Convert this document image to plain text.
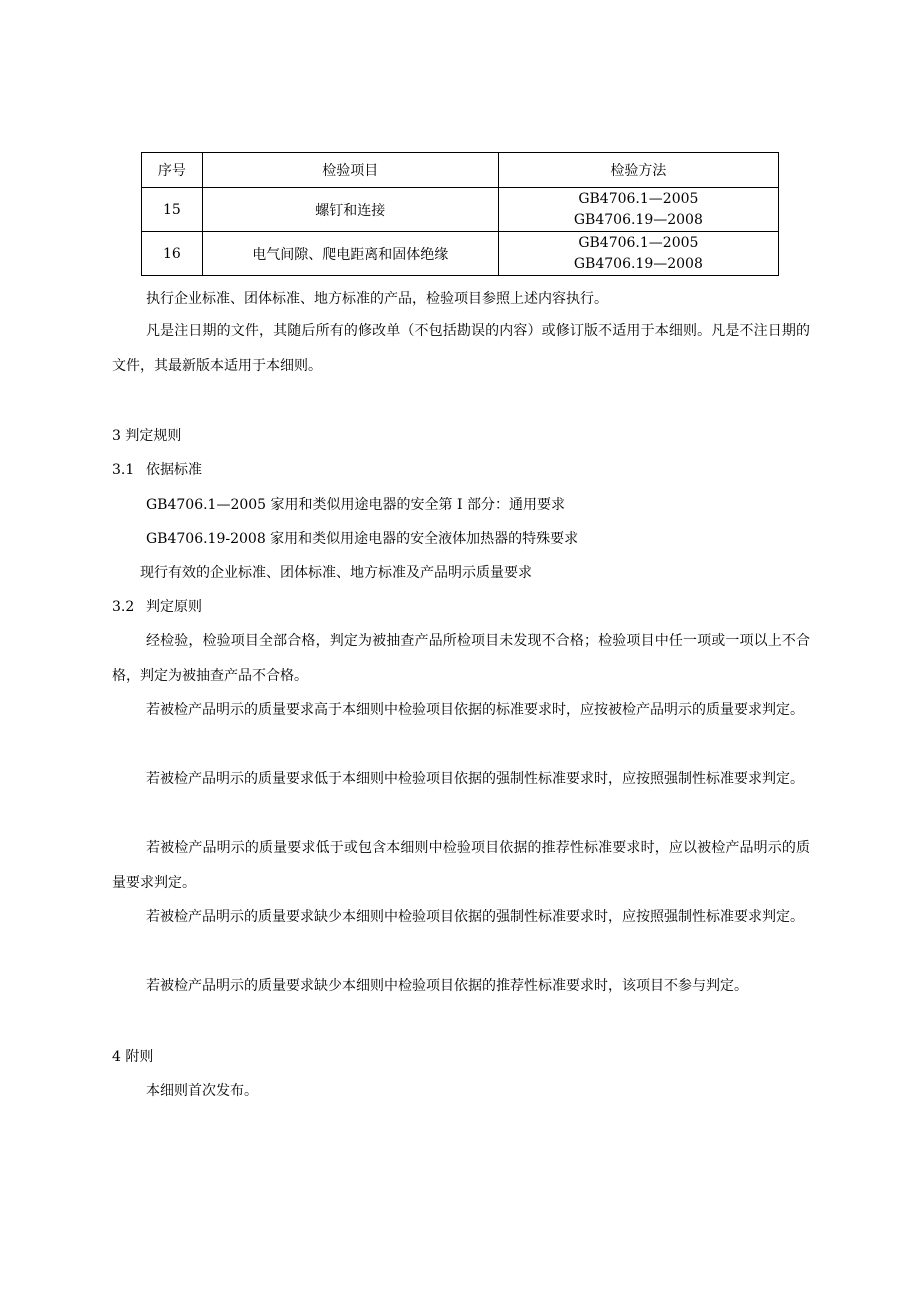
序号	检验项目	检验方法
15	螺钉和连接	GB4706.1—2005
GB4706.19—2008

16	电气间隙、爬电距离和固体绝缘	GB4706.1—2005
GB4706.19—2008
执行企业标准、团体标准、地方标准的产品，检验项目参照上述内容执行。
凡是注日期的文件，其随后所有的修改单（不包括勘误的内容）或修订版不适用于本细则。凡是不注日期的文件，其最新版本适用于本细则。
3 判定规则
3.1 依据标准
GB4706.1—2005 家用和类似用途电器的安全第 I 部分：通用要求
GB4706.19-2008 家用和类似用途电器的安全液体加热器的特殊要求
现行有效的企业标准、团体标准、地方标准及产品明示质量要求
3.2 判定原则
经检验，检验项目全部合格，判定为被抽查产品所检项目未发现不合格；检验项目中任一项或一项以上不合格，判定为被抽查产品不合格。
若被检产品明示的质量要求高于本细则中检验项目依据的标准要求时，应按被检产品明示的质量要求判定。
若被检产品明示的质量要求低于本细则中检验项目依据的强制性标准要求时，应按照强制性标准要求判定。
若被检产品明示的质量要求低于或包含本细则中检验项目依据的推荐性标准要求时，应以被检产品明示的质量要求判定。
若被检产品明示的质量要求缺少本细则中检验项目依据的强制性标准要求时，应按照强制性标准要求判定。
若被检产品明示的质量要求缺少本细则中检验项目依据的推荐性标准要求时，该项目不参与判定。
4 附则
本细则首次发布。
